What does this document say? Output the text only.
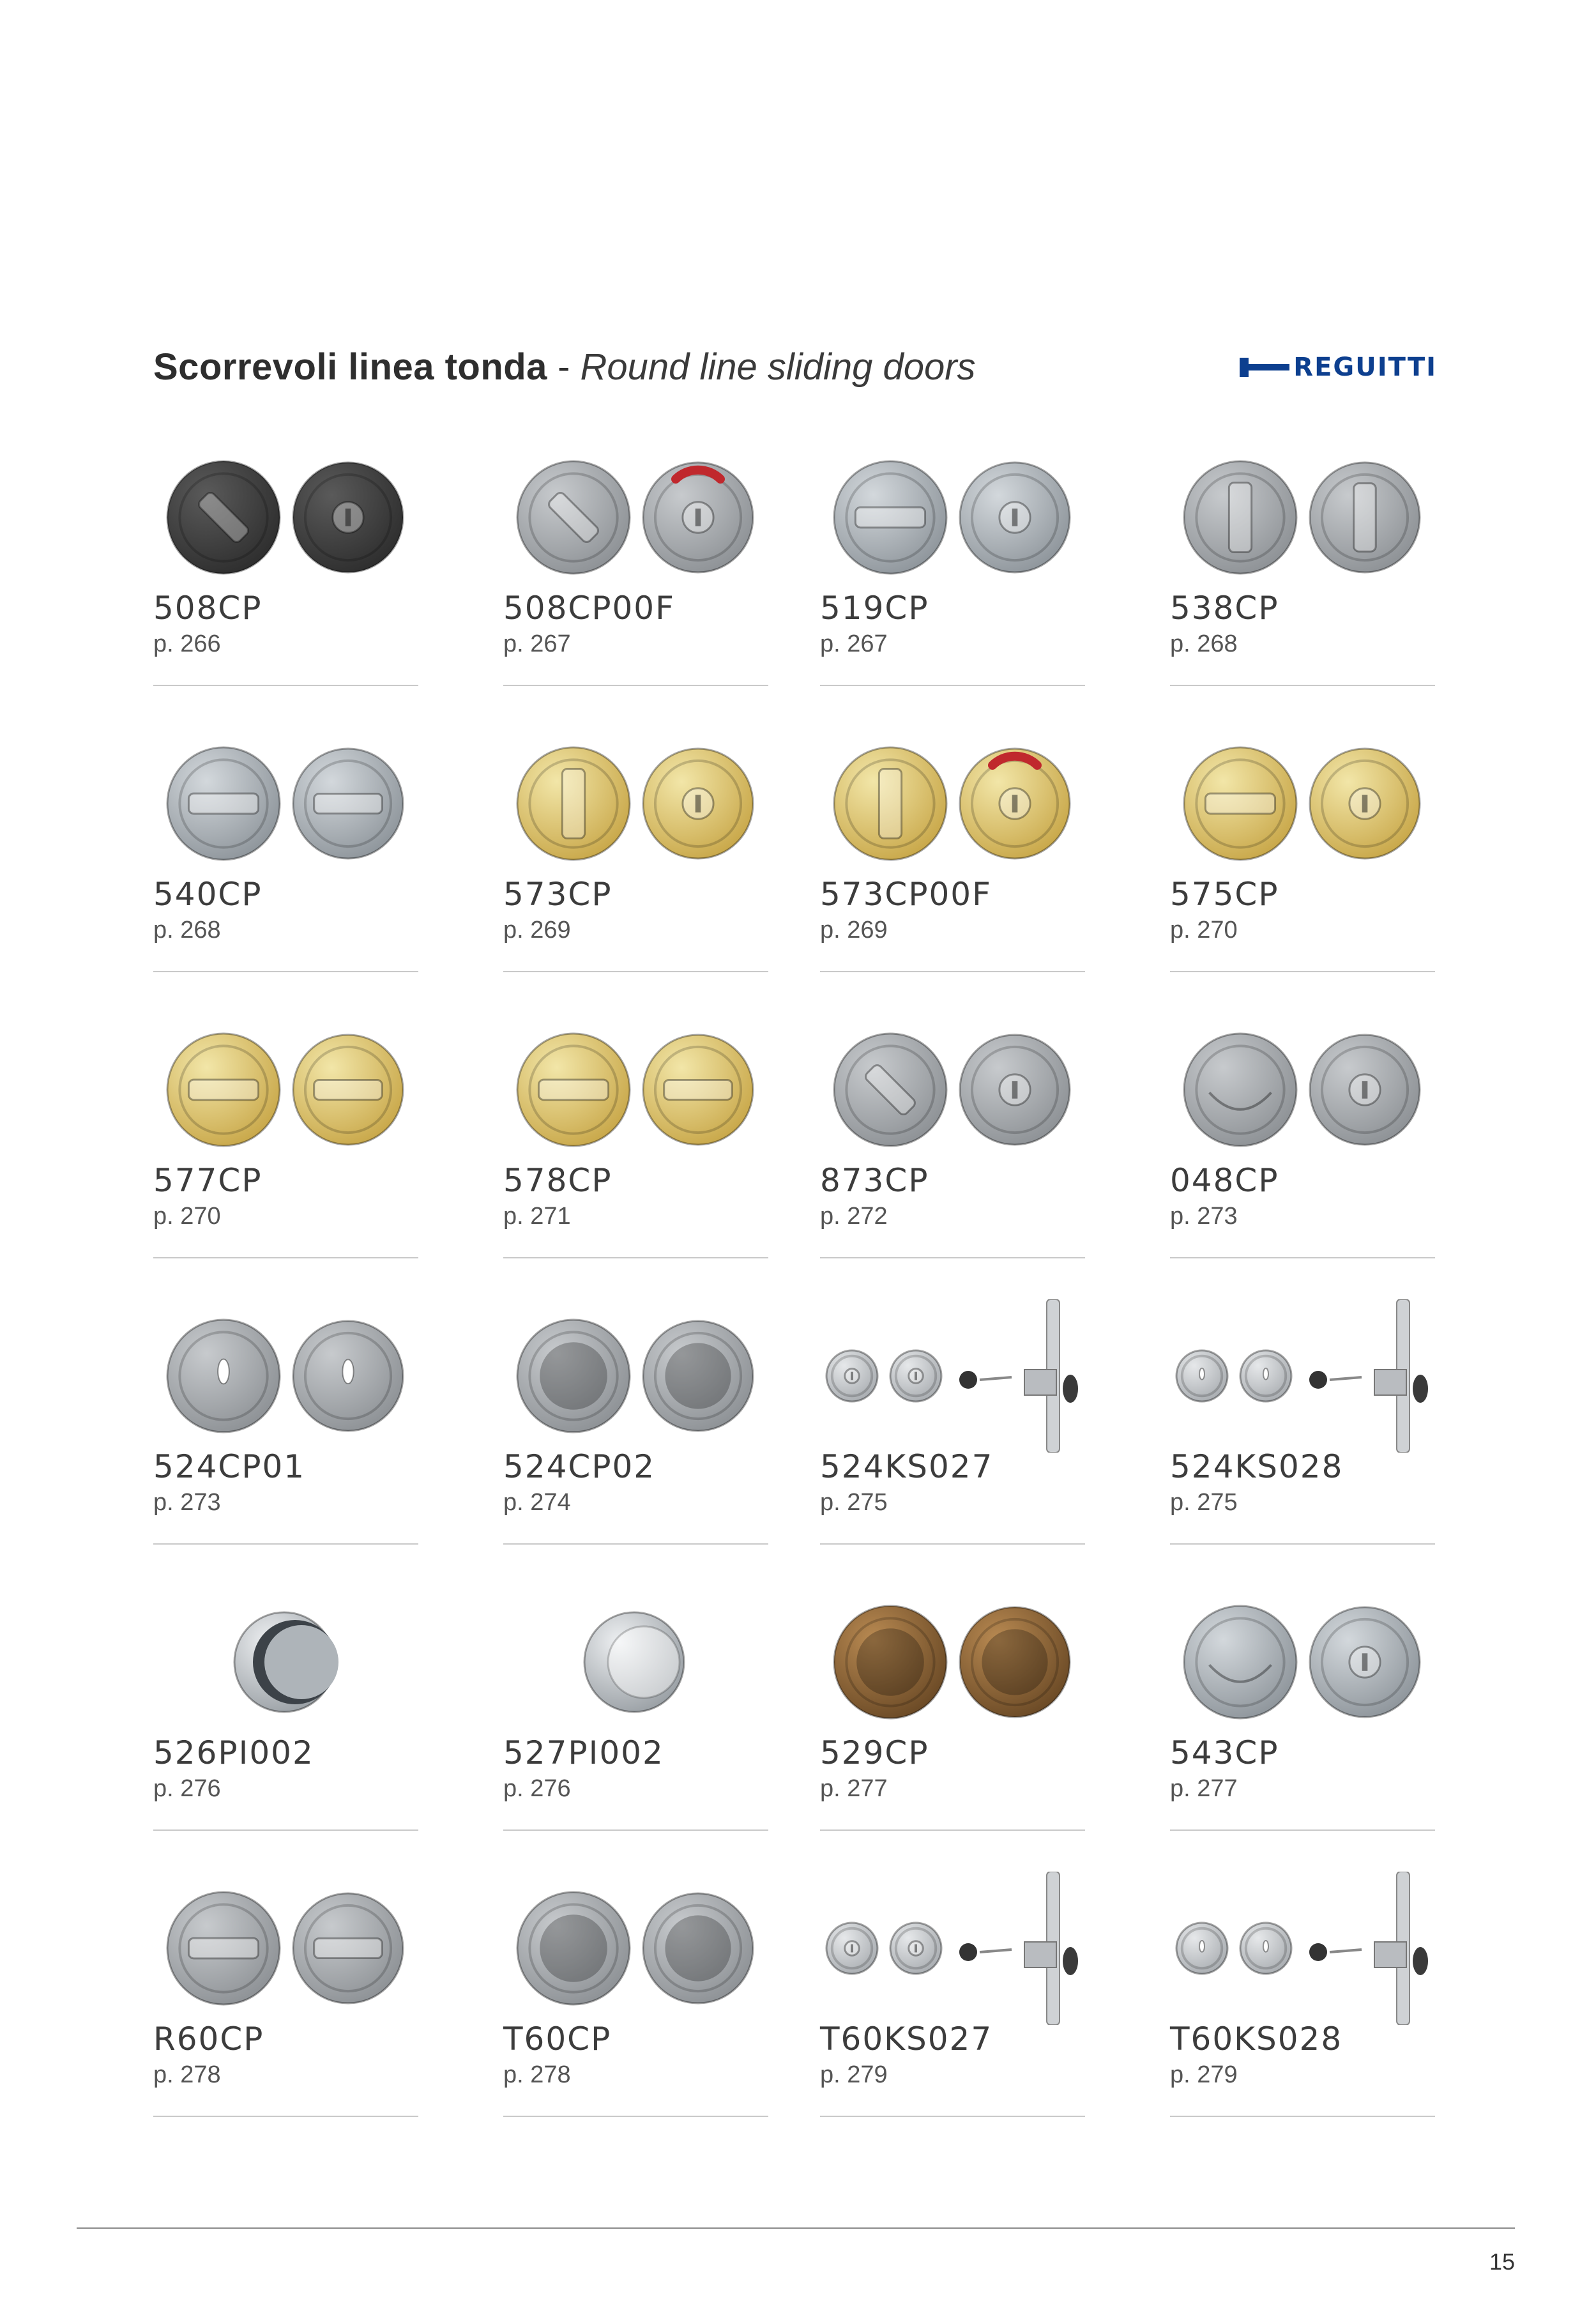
Scorrevoli linea tonda - Round line sliding doors	REGUITTI
508CP
p. 266
508CP00F
p. 267
519CP
p. 267
538CP
p. 268
540CP
p. 268
573CP
p. 269
573CP00F
p. 269
575CP
p. 270
577CP
p. 270
578CP
p. 271
873CP
p. 272
048CP
p. 273
524CP01
p. 273
524CP02
p. 274
524KS027
p. 275
524KS028
p. 275
526PI002
p. 276
527PI002
p. 276
529CP
p. 277
543CP
p. 277
R60CP
p. 278
T60CP
p. 278
T60KS027
p. 279
T60KS028
p. 279
15
